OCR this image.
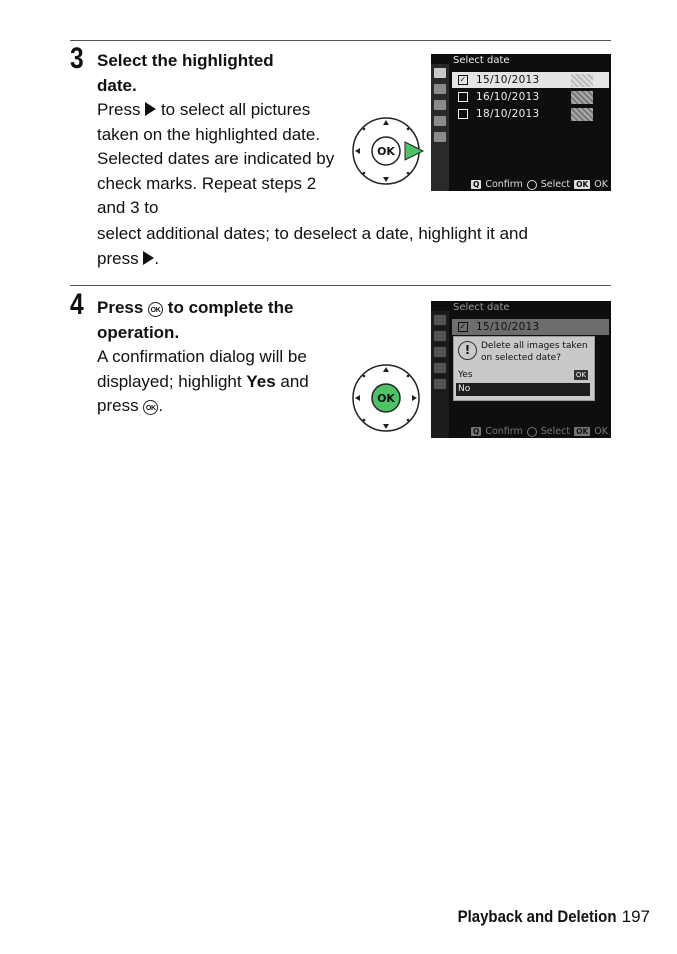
3 Select the highlighted date.
Press to select all pictures taken on the highlighted date. Selected dates are indicated by check marks. Repeat steps 2 and 3 to
select additional dates; to deselect a date, highlight it and
press .
OK
Select date
✓ 15/10/2013
16/10/2013
18/10/2013
Q Confirm Select OK OK
4 Press OK to complete the operation.
A confirmation dialog will be displayed; highlight Yes and press OK .	OK
Select date
✓ 15/10/2013
!	Delete all images taken on selected date?
Yes	OK
No
Q Confirm Select OK OK
Playback and Deletion 197
